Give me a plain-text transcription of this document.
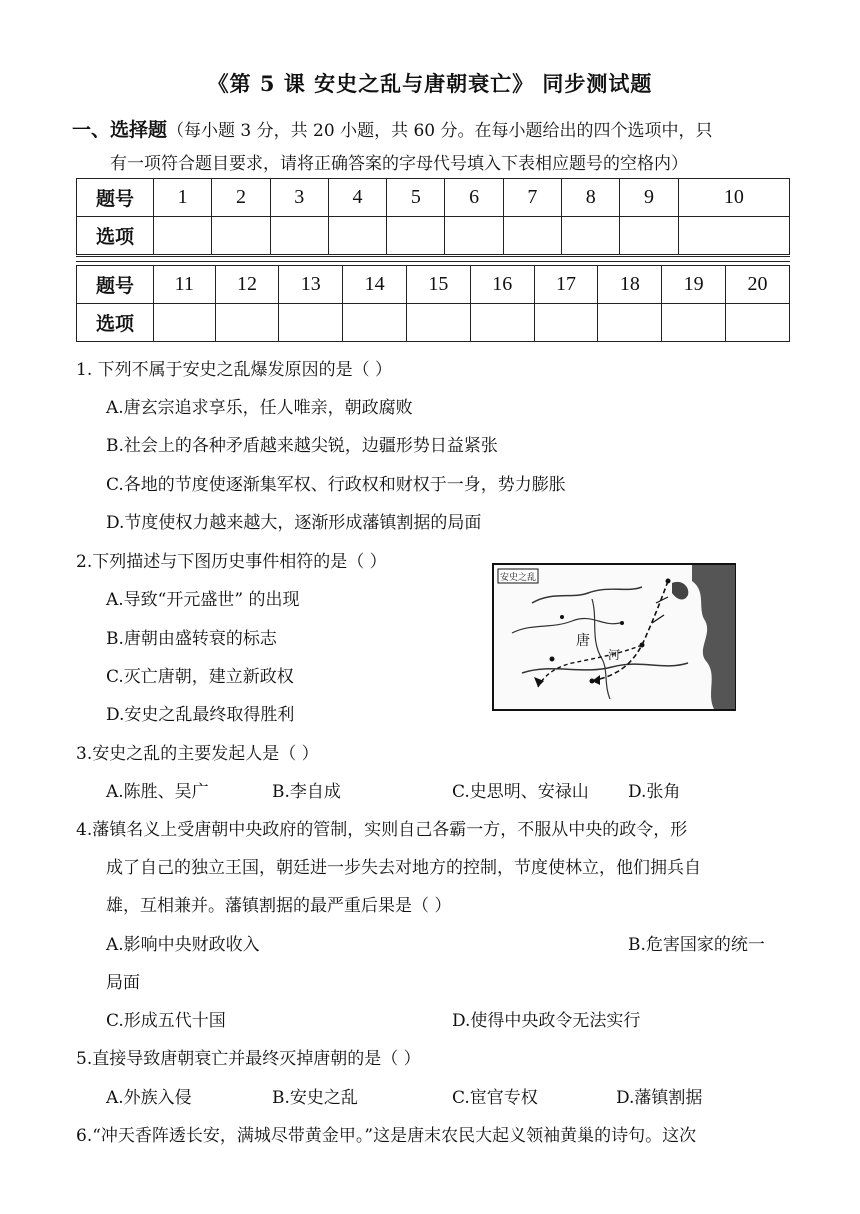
《第 5 课 安史之乱与唐朝衰亡》 同步测试题
一、选择题（每小题 3 分，共 20 小题，共 60 分。在每小题给出的四个选项中，只
有一项符合题目要求，请将正确答案的字母代号填入下表相应题号的空格内）
题号	1	2	3	4	5	6	7	8	9	10
选项										
题号	11	12	13	14	15	16	17	18	19	20
选项										
1. 下列不属于安史之乱爆发原因的是（ ）
A.唐玄宗追求享乐，任人唯亲，朝政腐败
B.社会上的各种矛盾越来越尖锐，边疆形势日益紧张
C.各地的节度使逐渐集军权、行政权和财权于一身，势力膨胀
D.节度使权力越来越大，逐渐形成藩镇割据的局面
2.下列描述与下图历史事件相符的是（ ）
A.导致“开元盛世” 的出现
B.唐朝由盛转衰的标志
C.灭亡唐朝，建立新政权
D.安史之乱最终取得胜利
安史之乱
唐
河
3.安史之乱的主要发起人是（ ）
A.陈胜、吴广	B.李自成	C.史思明、安禄山 D.张角
4.藩镇名义上受唐朝中央政府的管制，实则自己各霸一方，不服从中央的政令，形
成了自己的独立王国，朝廷进一步失去对地方的控制，节度使林立，他们拥兵自
雄，互相兼并。藩镇割据的最严重后果是（ ）
A.影响中央财政收入	B.危害国家的统一
局面
C.形成五代十国	D.使得中央政令无法实行
5.直接导致唐朝衰亡并最终灭掉唐朝的是（ ）
A.外族入侵	B.安史之乱	C.宦官专权	D.藩镇割据
6.“冲天香阵透长安，满城尽带黄金甲。”这是唐末农民大起义领袖黄巢的诗句。这次
